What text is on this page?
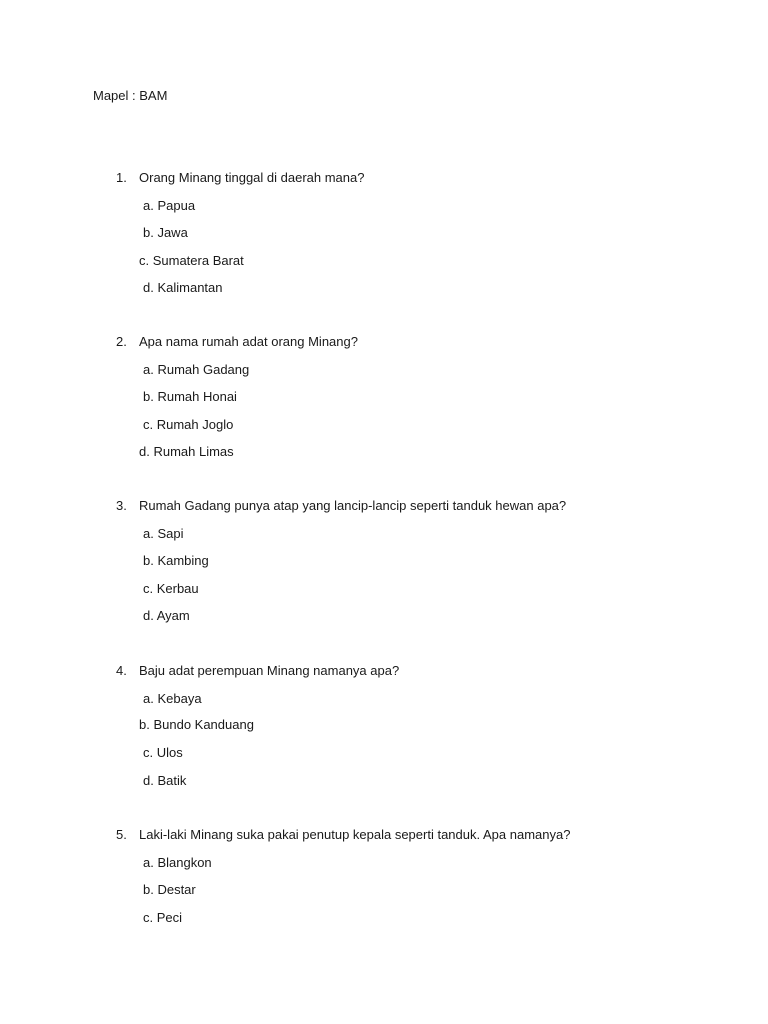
Mapel : BAM
1. Orang Minang tinggal di daerah mana?
a. Papua
b. Jawa
c. Sumatera Barat
d. Kalimantan
2. Apa nama rumah adat orang Minang?
a. Rumah Gadang
b. Rumah Honai
c. Rumah Joglo
d. Rumah Limas
3. Rumah Gadang punya atap yang lancip-lancip seperti tanduk hewan apa?
a. Sapi
b. Kambing
c. Kerbau
d. Ayam
4. Baju adat perempuan Minang namanya apa?
a. Kebaya
b. Bundo Kanduang
c. Ulos
d. Batik
5. Laki-laki Minang suka pakai penutup kepala seperti tanduk. Apa namanya?
a. Blangkon
b. Destar
c. Peci
